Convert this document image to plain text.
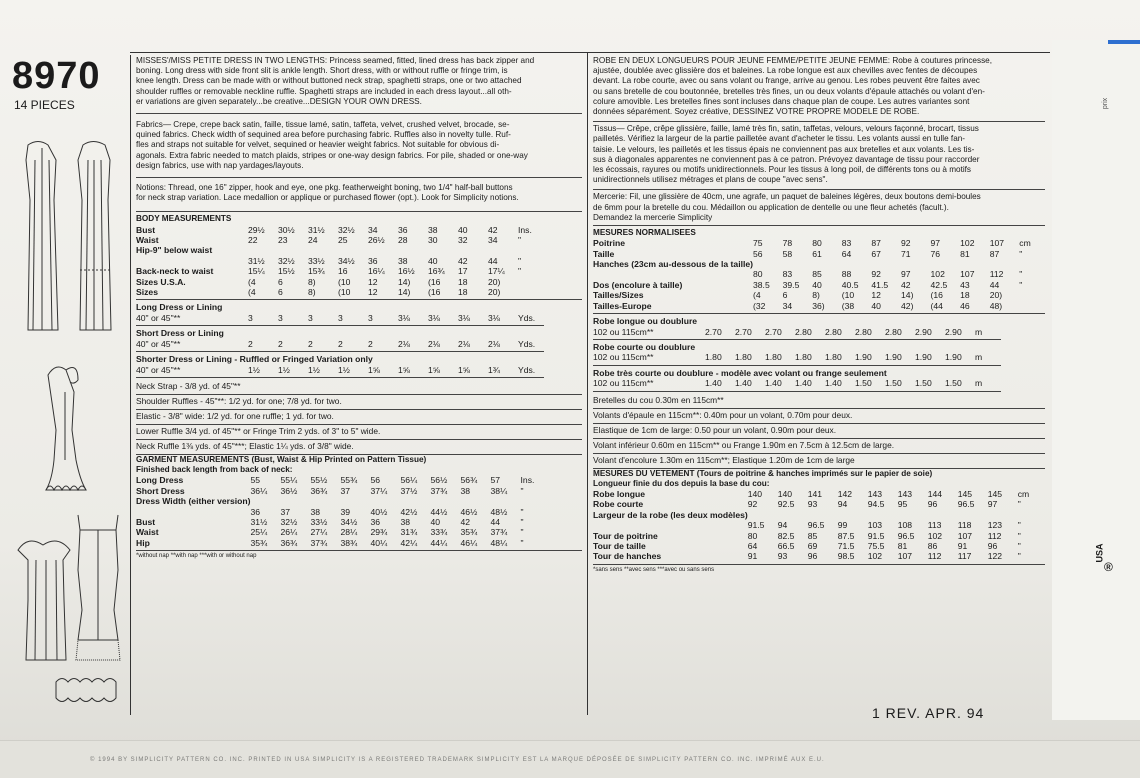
prix
USA
®
8970
14 PIECES
MISSES'/MISS PETITE DRESS IN TWO LENGTHS: Princess seamed, fitted, lined dress has back zipper and
boning. Long dress with side front slit is ankle length. Short dress, with or without ruffle or fringe trim, is
knee length. Dress can be made with or without buttoned neck strap, spaghetti straps, one or two attached
shoulder ruffles or removable neckline ruffle. Spaghetti straps are included in each dress layout...all oth-
er variations are given separately...be creative...DESIGN YOUR OWN DRESS.
Fabrics— Crepe, crepe back satin, faille, tissue lamé, satin, taffeta, velvet, crushed velvet, brocade, se-
quined fabrics. Check width of sequined area before purchasing fabric. Ruffles also in novelty tulle. Ruf-
fles and straps not suitable for velvet, sequined or heavier weight fabrics. Not suitable for obvious di-
agonals. Extra fabric needed to match plaids, stripes or one-way design fabrics. For pile, shaded or one-way
design fabrics, use with nap yardages/layouts.
Notions: Thread, one 16" zipper, hook and eye, one pkg. featherweight boning, two 1/4" half-ball buttons
for neck strap variation. Lace medallion or applique or purchased flower (opt.). Look for Simplicity notions.
BODY MEASUREMENTS
Bust	29½	30½	31½	32½	34	36	38	40	42	Ins.
Waist	22	23	24	25	26½	28	30	32	34	"
Hip-9" below waist										
	31½	32½	33½	34½	36	38	40	42	44	"
Back-neck to waist	15¼	15½	15¾	16	16¼	16½	16¾	17	17¼	"
Sizes U.S.A.	(4	6	8)	(10	12	14)	(16	18	20)	
Sizes	(4	6	8)	(10	12	14)	(16	18	20)	
Long Dress or Lining										
40" or 45"**	3	3	3	3	3	3⅛	3⅛	3⅛	3⅛	Yds.

Short Dress or Lining										
40" or 45"**	2	2	2	2	2	2⅛	2⅛	2⅛	2⅛	Yds.

Shorter Dress or Lining - Ruffled or Fringed Variation only										
40" or 45"**	1½	1½	1½	1½	1⅝	1⅝	1⅝	1⅝	1¾	Yds.

Neck Strap - 3/8 yd. of 45"**
Shoulder Ruffles - 45"**: 1/2 yd. for one; 7/8 yd. for two.
Elastic - 3/8" wide: 1/2 yd. for one ruffle; 1 yd. for two.
Lower Ruffle 3/4 yd. of 45"** or Fringe Trim 2 yds. of 3" to 5" wide.
Neck Ruffle 1⅜ yds. of 45"***; Elastic 1¼ yds. of 3/8" wide.
GARMENT MEASUREMENTS (Bust, Waist & Hip Printed on Pattern Tissue)
Finished back length from back of neck:
Long Dress	55	55¼	55½	55¾	56	56¼	56½	56¾	57	Ins.
Short Dress	36¼	36½	36¾	37	37¼	37½	37¾	38	38¼	"
Dress Width (either version)										
	36	37	38	39	40½	42½	44½	46½	48½	"
Bust	31½	32½	33½	34½	36	38	40	42	44	"
Waist	25¼	26¼	27¼	28¼	29¾	31¾	33¾	35¾	37¾	"
Hip	35¾	36¾	37¾	38¾	40¼	42¼	44¼	46¼	48¼	"
*without nap **with nap ***with or without nap
ROBE EN DEUX LONGUEURS POUR JEUNE FEMME/PETITE JEUNE FEMME: Robe à coutures princesse,
ajustée, doublée avec glissière dos et baleines. La robe longue est aux chevilles avec fentes de découpes
devant. La robe courte, avec ou sans volant ou frange, arrive au genou. Les robes peuvent être faites avec
ou sans bretelle de cou boutonnée, bretelles très fines, un ou deux volants d'épaule attachés ou volant d'en-
colure amovible. Les bretelles fines sont incluses dans chaque plan de coupe. Les autres variantes sont
données séparément. Soyez créative, DESSINEZ VOTRE PROPRE MODELE DE ROBE.
Tissus— Crêpe, crêpe glissière, faille, lamé très fin, satin, taffetas, velours, velours façonné, brocart, tissus
pailletés. Vérifiez la largeur de la partie pailletée avant d'acheter le tissu. Les volants aussi en tulle fan-
taisie. Le velours, les pailletés et les tissus épais ne conviennent pas aux bretelles et aux volants. Les tis-
sus à diagonales apparentes ne conviennent pas à ce patron. Prévoyez davantage de tissu pour raccorder
les écossais, rayures ou motifs unidirectionnels. Pour les tissus à long poil, de différents tons ou à motifs
unidirectionnels utilisez métrages et plans de coupe "avec sens".
Mercerie: Fil, une glissière de 40cm, une agrafe, un paquet de baleines légères, deux boutons demi-boules
de 6mm pour la bretelle du cou. Médaillon ou application de dentelle ou une fleur achetés (facult.).
Demandez la mercerie Simplicity
MESURES NORMALISEES
Poitrine	75	78	80	83	87	92	97	102	107	cm
Taille	56	58	61	64	67	71	76	81	87	"
Hanches (23cm au-dessous de la taille)										
	80	83	85	88	92	97	102	107	112	"
Dos (encolure à taille)	38.5	39.5	40	40.5	41.5	42	42.5	43	44	"
Tailles/Sizes	(4	6	8)	(10	12	14)	(16	18	20)	
Tailles-Europe	(32	34	36)	(38	40	42)	(44	46	48)	
Robe longue ou doublure										
102 ou 115cm**	2.70	2.70	2.70	2.80	2.80	2.80	2.80	2.90	2.90	m

Robe courte ou doublure										
102 ou 115cm**	1.80	1.80	1.80	1.80	1.80	1.90	1.90	1.90	1.90	m

Robe très courte ou doublure - modèle avec volant ou frange seulement										
102 ou 115cm**	1.40	1.40	1.40	1.40	1.40	1.50	1.50	1.50	1.50	m

Bretelles du cou 0.30m en 115cm**
Volants d'épaule en 115cm**: 0.40m pour un volant, 0.70m pour deux.
Elastique de 1cm de large: 0.50 pour un volant, 0.90m pour deux.
Volant inférieur 0.60m en 115cm** ou Frange 1.90m en 7.5cm à 12.5cm de large.
Volant d'encolure 1.30m en 115cm**; Elastique 1.20m de 1cm de large
MESURES DU VETEMENT (Tours de poitrine & hanches imprimés sur le papier de soie)
Longueur finie du dos depuis la base du cou:
Robe longue	140	140	141	142	143	143	144	145	145	cm
Robe courte	92	92.5	93	94	94.5	95	96	96.5	97	"
Largeur de la robe (les deux modèles)										
	91.5	94	96.5	99	103	108	113	118	123	"
Tour de poitrine	80	82.5	85	87.5	91.5	96.5	102	107	112	"
Tour de taille	64	66.5	69	71.5	75.5	81	86	91	96	"
Tour de hanches	91	93	96	98.5	102	107	112	117	122	"
*sans sens **avec sens ***avec ou sans sens
1 REV. APR. 94
© 1994 BY SIMPLICITY PATTERN CO. INC. PRINTED IN USA SIMPLICITY IS A REGISTERED TRADEMARK SIMPLICITY EST LA MARQUE DÉPOSÉE DE SIMPLICITY PATTERN CO. INC. IMPRIMÉ AUX E.U.
